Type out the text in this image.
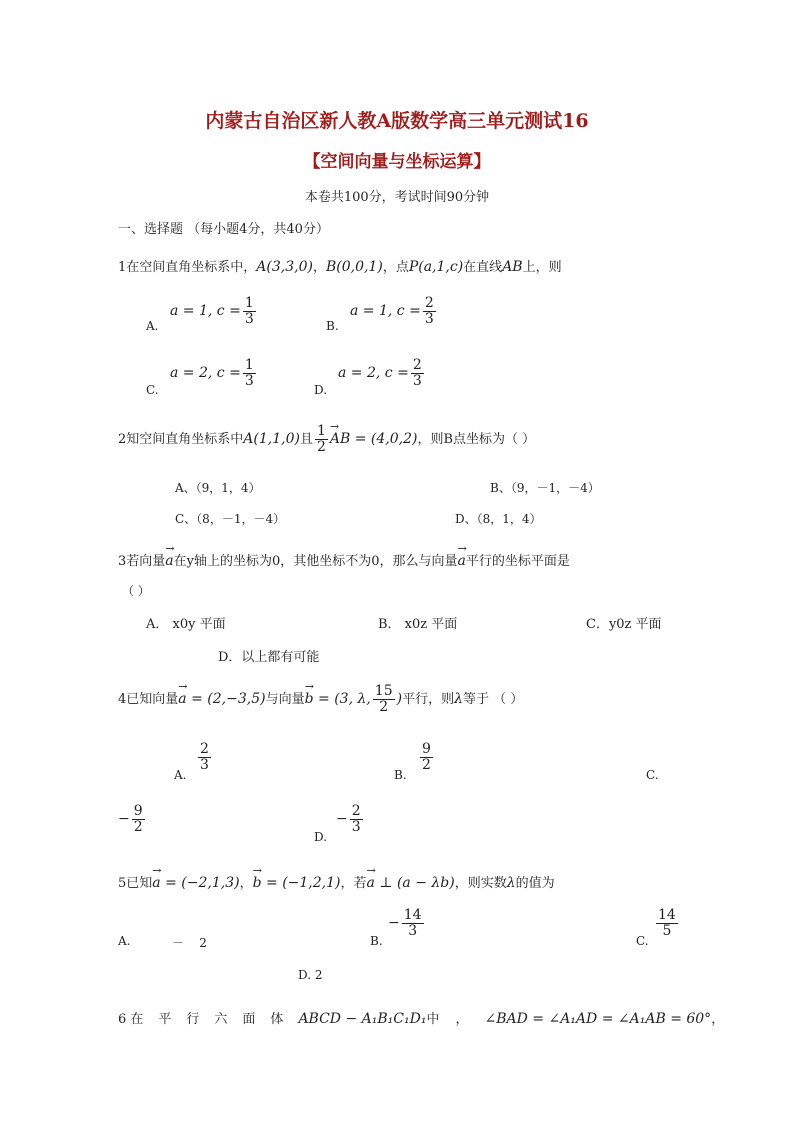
内蒙古自治区新人教A版数学高三单元测试16
【空间向量与坐标运算】
本卷共100分，考试时间90分钟
一、选择题 （每小题4分，共40分）
1在空间直角坐标系中，A(3,3,0)，B(0,0,1)，点P(a,1,c)在直线AB上，则
A.
a = 1, $c = \frac{1}{3}$	B.
a = 1, $c = \frac{2}{3}$
C.
a = 2, $c = \frac{1}{3}$
D.
a = 2, $c = \frac{2}{3}$
2知空间直角坐标系中A(1,1,0)且 $\frac{1}{2}$
→ AB = (4,0,2)，则B点坐标为（ ）
A、（9，1，4）	B、（9，－1，－4）
C、（8，－1，－4）	D、（8，1，4）
3若向量→ a在y轴上的坐标为0，其他坐标不为0，那么与向量→ a平行的坐标平面是
（ ）
A． x0y 平面	B． x0z 平面	C．y0z 平面
D．以上都有可能
4已知向量→ a = (2,−3,5)与向量→ b = (3, λ, $\frac{15}{2}$ )平行，则λ等于 （ ）
A.
$\frac{2}{3}$
B.
$\frac{9}{2}$
C.
− $\frac{9}{2}$
D.
− $\frac{2}{3}$
5已知→ a = (−2,1,3)，→ b = (−1,2,1)，若→ a ⊥ (a − λb)，则实数λ的值为
A.	－    2	B.
− $\frac{14}{3}$
C.
$\frac{14}{5}$
D. 2
6 在平行六面体ABCD − A₁B₁C₁D₁中 ， ∠BAD = ∠A₁AD = ∠A₁AB = 60°，
